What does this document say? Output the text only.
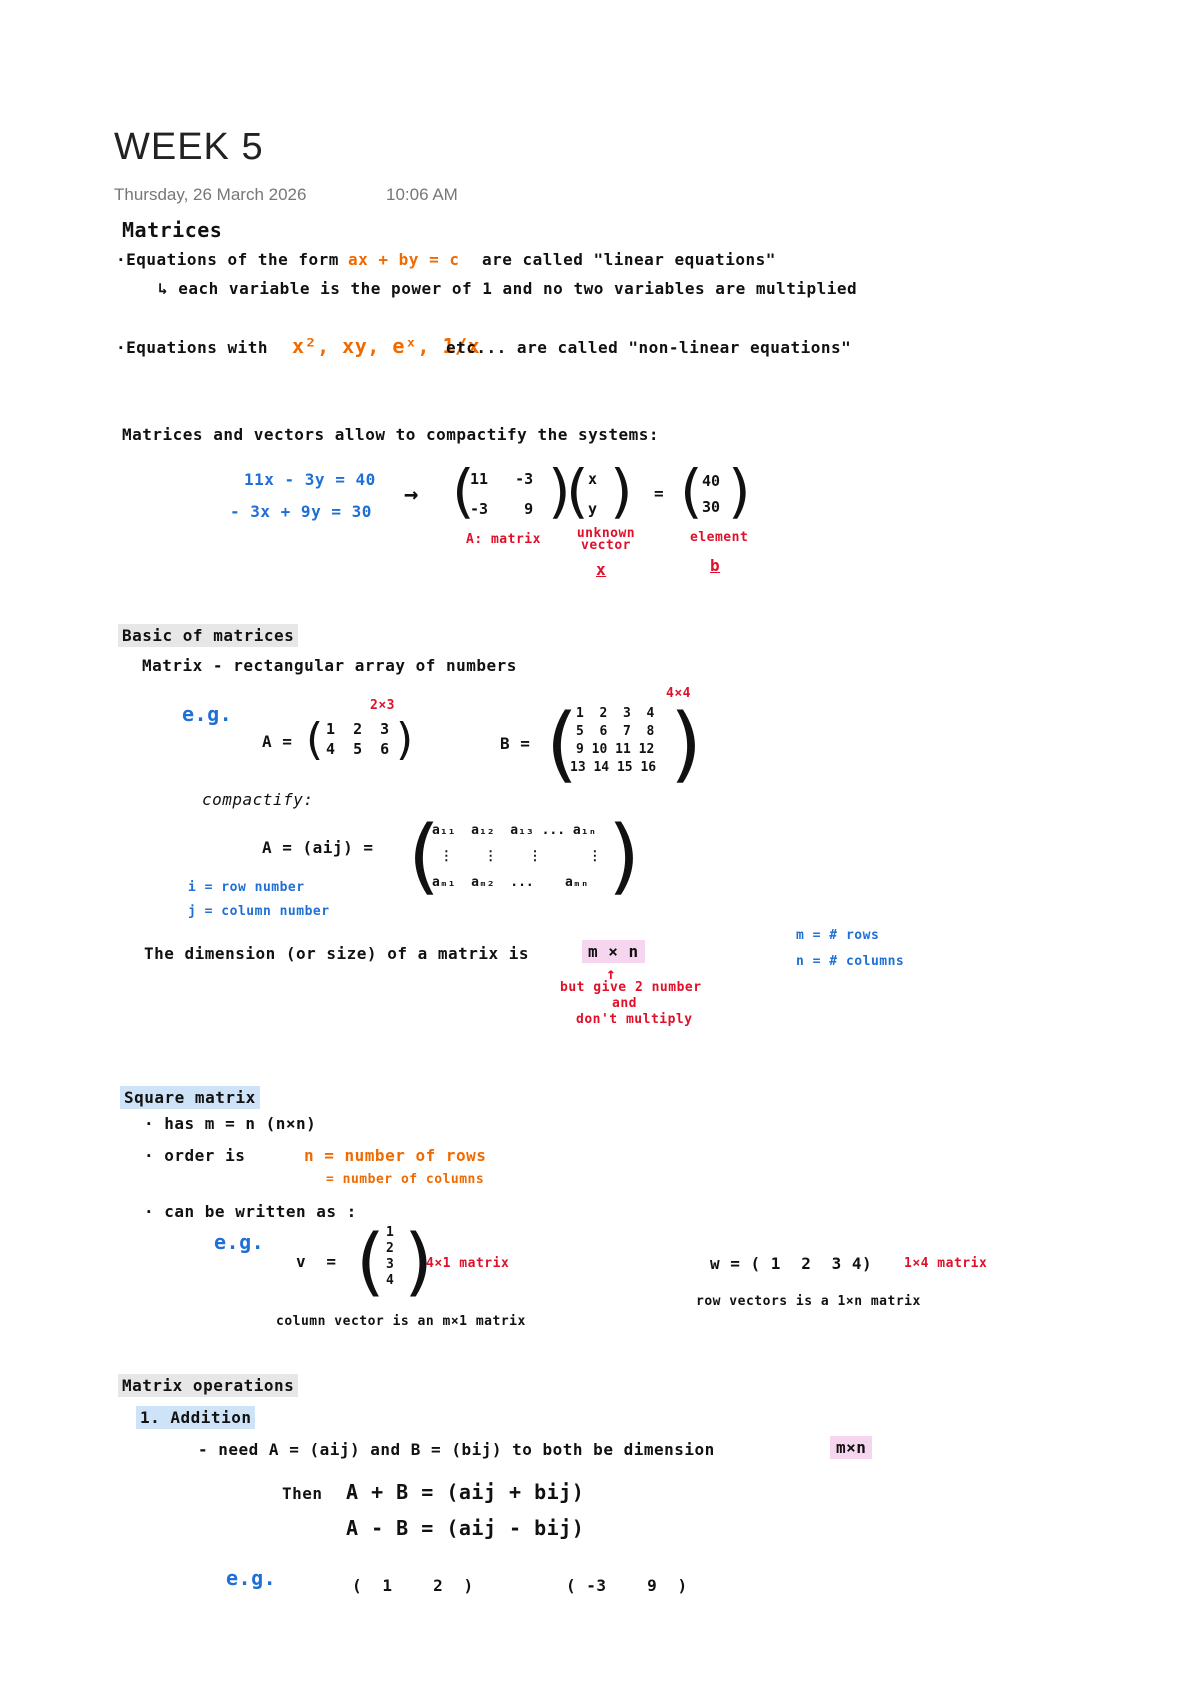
WEEK 5
Thursday, 26 March 2026	10:06 AM
Matrices
·Equations of the form ax + by = c are called "linear equations"
↳ each variable is the power of 1 and no two variables are multiplied
·Equations with x², xy, eˣ, 1/x
etc... are called "non-linear equations"
Matrices and vectors allow to compactify the systems:
11x - 3y = 40
- 3x + 9y = 30
→ (
11   -3
-3    9 )
( x
y ) = ( 40
30 )
A: matrix	unknown vector
x
element
b
Basic of matrices
Matrix - rectangular array of numbers
e.g.	2×3
A = ( 1  2  3
4  5  6 )
4×4
B = (
1  2  3  4
5  6  7  8
9 10 11 12
13 14 15 16 )
compactify:
A = (aij) = (
a₁₁  a₁₂  a₁₃ ... a₁ₙ
⋮    ⋮    ⋮      ⋮
aₘ₁  aₘ₂  ...    aₘₙ )
i = row number
j = column number
The dimension (or size) of a matrix is	m × n
↑
but give 2 number
and
don't multiply
m = # rows
n = # columns
Square matrix
· has m = n (n×n)
· order is	n = number of rows
= number of columns
· can be written as :
e.g.
v  = ( 1
2
3
4 )
4×1 matrix
column vector is an m×1 matrix
w = ( 1  2  3 4) 1×4 matrix
row vectors is a 1×n matrix
Matrix operations
1. Addition
- need A = (aij) and B = (bij) to both be dimension	m×n
Then A + B = (aij + bij)
A - B = (aij - bij)
e.g.	(  1    2  )	( -3    9  )
